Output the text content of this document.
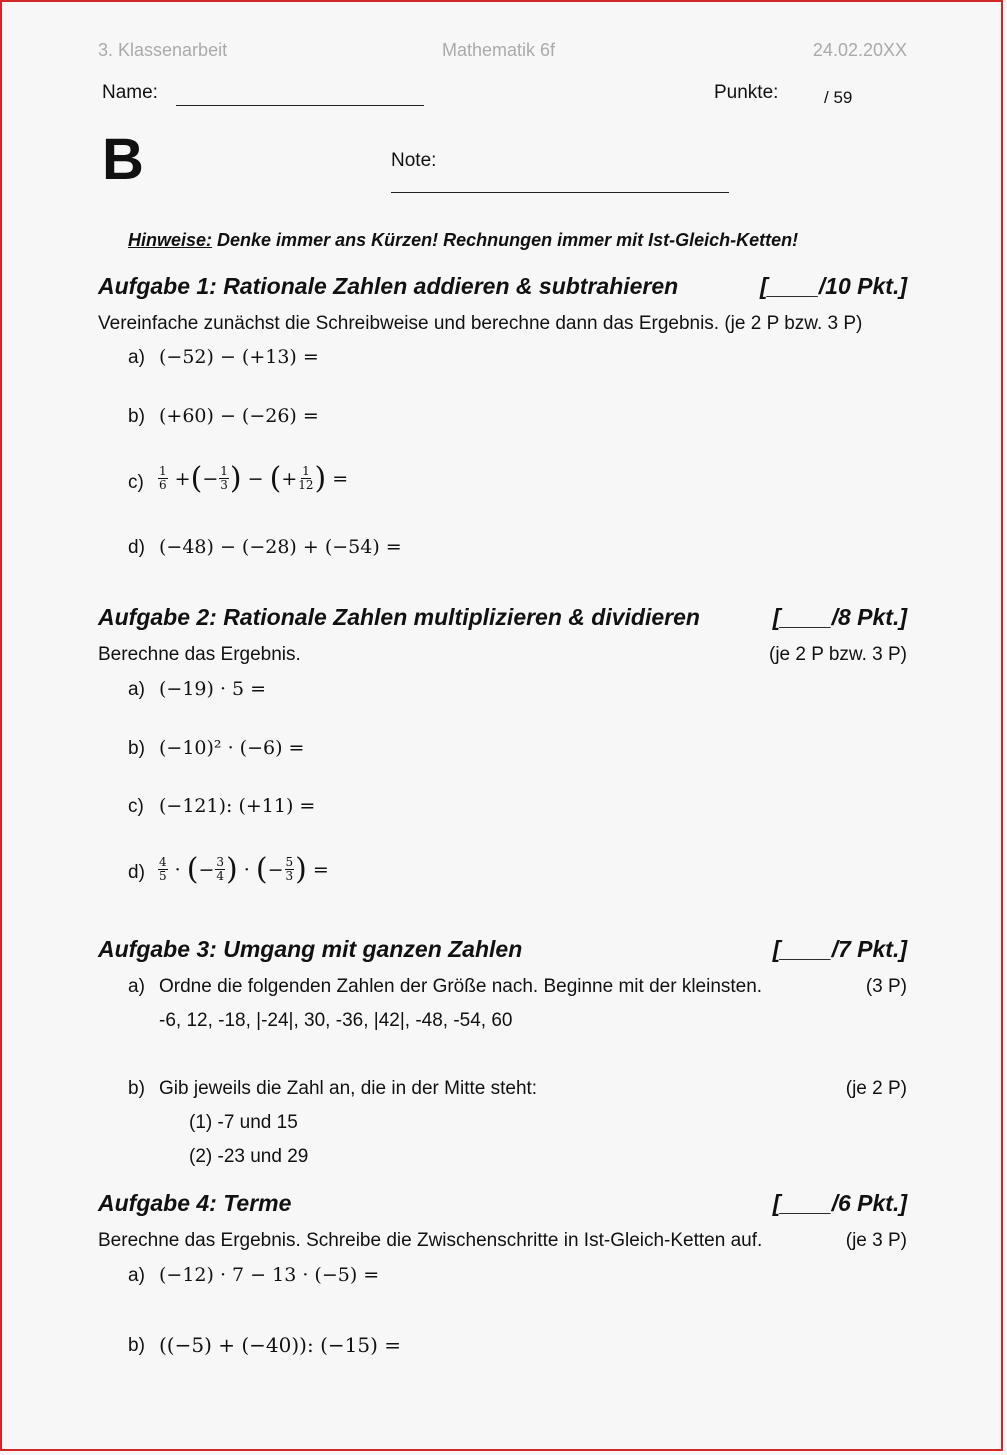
3. Klassenarbeit	Mathematik 6f	24.02.20XX
Name:	Punkte:	/ 59
B	Note:
Hinweise: Denke immer ans Kürzen! Rechnungen immer mit Ist-Gleich-Ketten!
Aufgabe 1: Rationale Zahlen addieren & subtrahieren	[____/10 Pkt.]
Vereinfache zunächst die Schreibweise und berechne dann das Ergebnis. (je 2 P bzw. 3 P)
a) (−52) − (+13) =
b) (+60) − (−26) =
$c) \frac{1}{6}$ + ( − $\frac{1}{3}$ ) − ( + $\frac{1}{12}$ ) =
d) (−48) − (−28) + (−54) =
Aufgabe 2: Rationale Zahlen multiplizieren & dividieren	[____/8 Pkt.]
Berechne das Ergebnis.	(je 2 P bzw. 3 P)
a) (−19) · 5 =
b) (−10)² · (−6) =
c) (−121): (+11) =
$d) \frac{4}{5}$ · ( − $\frac{3}{4}$ ) · ( − $\frac{5}{3}$ ) =
Aufgabe 3: Umgang mit ganzen Zahlen	[____/7 Pkt.]
a) Ordne die folgenden Zahlen der Größe nach. Beginne mit der kleinsten.	(3 P)
-6, 12, -18, |-24|, 30, -36, |42|, -48, -54, 60
b) Gib jeweils die Zahl an, die in der Mitte steht:	(je 2 P)
(1) -7 und 15
(2) -23 und 29
Aufgabe 4: Terme	[____/6 Pkt.]
Berechne das Ergebnis. Schreibe die Zwischenschritte in Ist-Gleich-Ketten auf.	(je 3 P)
a) (−12) · 7 − 13 · (−5) =
b) ((−5) + (−40)): (−15) =
